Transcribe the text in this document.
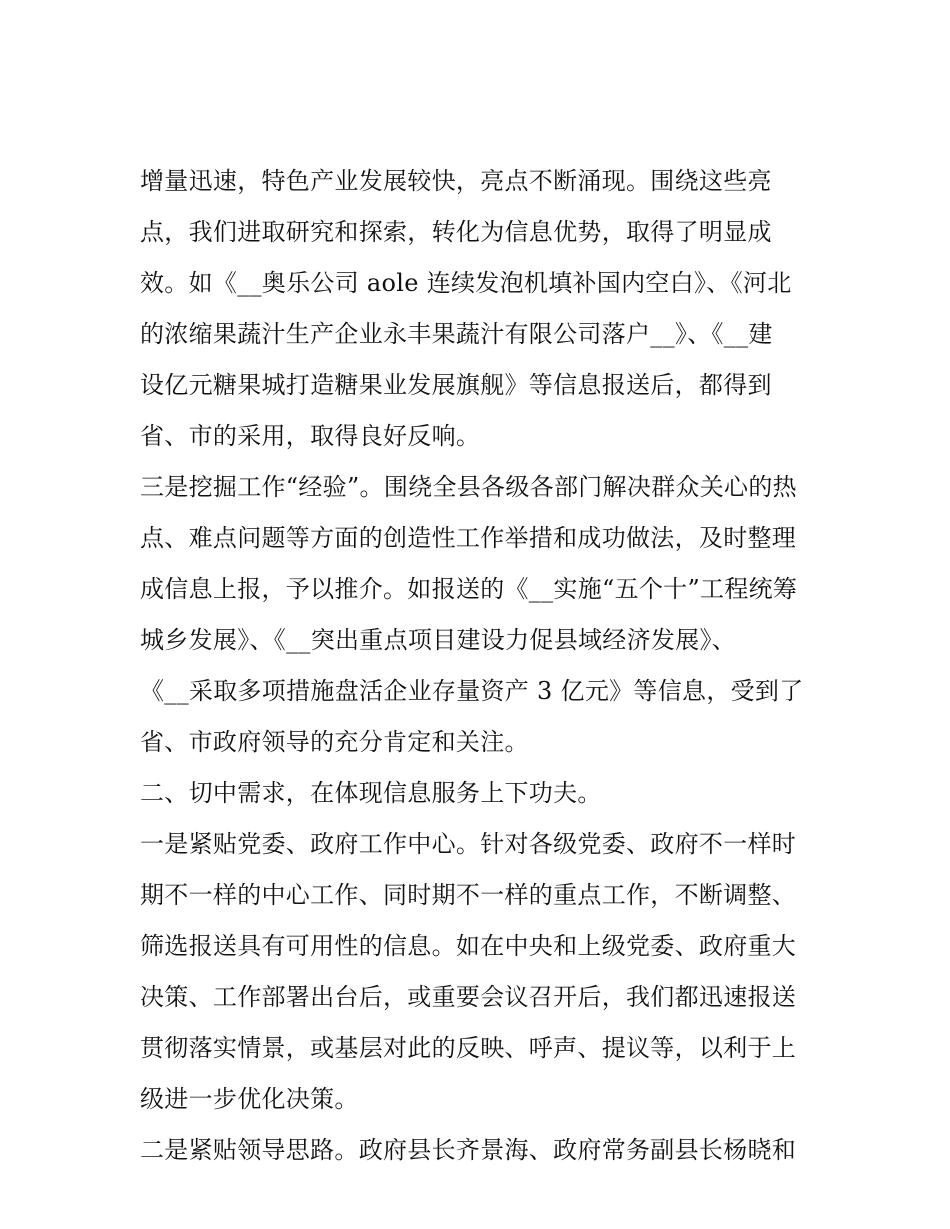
增量迅速，特色产业发展较快，亮点不断涌现。围绕这些亮
点，我们进取研究和探索，转化为信息优势，取得了明显成
效。如《__奥乐公司 aole 连续发泡机填补国内空白》、《河北
的浓缩果蔬汁生产企业永丰果蔬汁有限公司落户__》、《__建
设亿元糖果城打造糖果业发展旗舰》等信息报送后，都得到
省、市的采用，取得良好反响。
三是挖掘工作“经验”。围绕全县各级各部门解决群众关心的热
点、难点问题等方面的创造性工作举措和成功做法，及时整理
成信息上报，予以推介。如报送的《__实施“五个十”工程统筹
城乡发展》、《__突出重点项目建设力促县域经济发展》、
《__采取多项措施盘活企业存量资产 3 亿元》等信息，受到了
省、市政府领导的充分肯定和关注。
二、切中需求，在体现信息服务上下功夫。
一是紧贴党委、政府工作中心。针对各级党委、政府不一样时
期不一样的中心工作、同时期不一样的重点工作，不断调整、
筛选报送具有可用性的信息。如在中央和上级党委、政府重大
决策、工作部署出台后，或重要会议召开后，我们都迅速报送
贯彻落实情景，或基层对此的反映、呼声、提议等，以利于上
级进一步优化决策。
二是紧贴领导思路。政府县长齐景海、政府常务副县长杨晓和
